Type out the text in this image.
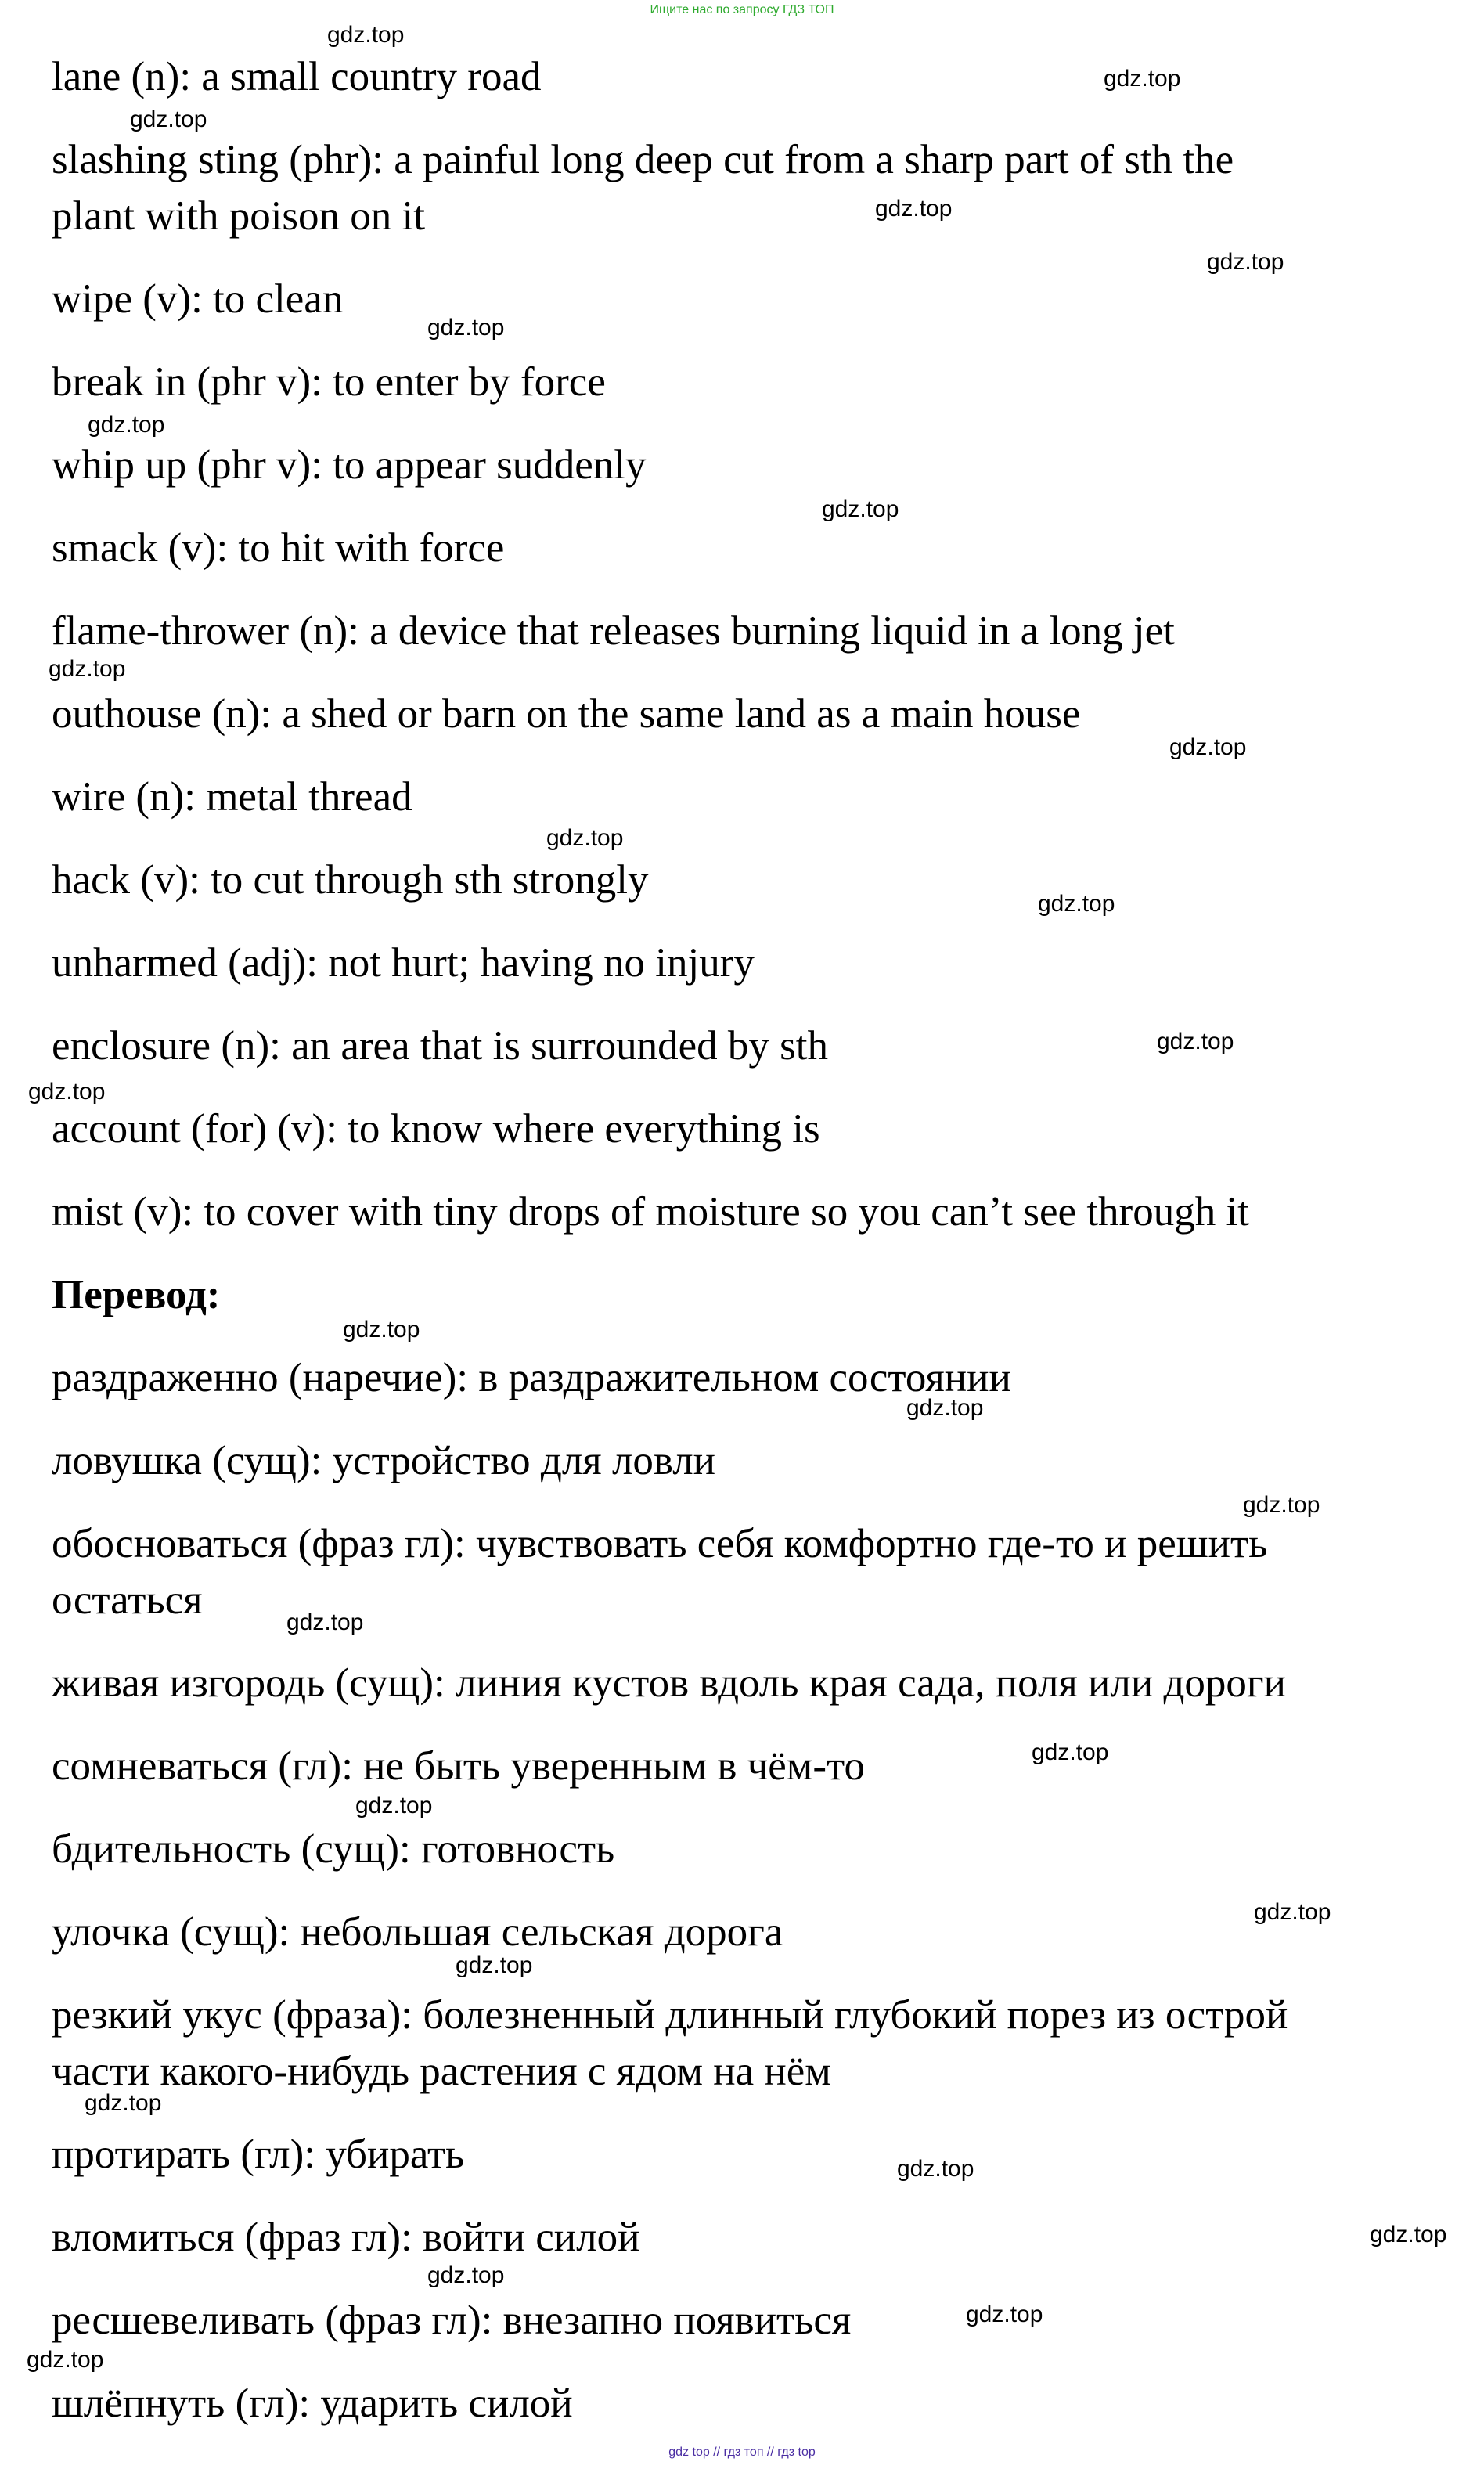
Ищите нас по запросу ГДЗ ТОП
lane (n): a small country road
slashing sting (phr): a painful long deep cut from a sharp part of sth the
plant with poison on it
wipe (v): to clean
break in (phr v): to enter by force
whip up (phr v): to appear suddenly
smack (v): to hit with force
flame-thrower (n): a device that releases burning liquid in a long jet
outhouse (n): a shed or barn on the same land as a main house
wire (n): metal thread
hack (v): to cut through sth strongly
unharmed (adj): not hurt; having no injury
enclosure (n): an area that is surrounded by sth
account (for) (v): to know where everything is
mist (v): to cover with tiny drops of moisture so you can’t see through it
Перевод:
раздраженно (наречие): в раздражительном состоянии
ловушка (сущ): устройство для ловли
обосноваться (фраз гл): чувствовать себя комфортно где-то и решить
остаться
живая изгородь (сущ): линия кустов вдоль края сада, поля или дороги
сомневаться (гл): не быть уверенным в чём-то
бдительность (сущ): готовность
улочка (сущ): небольшая сельская дорога
резкий укус (фраза): болезненный длинный глубокий порез из острой
части какого-нибудь растения с ядом на нём
протирать (гл): убирать
вломиться (фраз гл): войти силой
ресшевеливать (фраз гл): внезапно появиться
шлёпнуть (гл): ударить силой
gdz.top
gdz.top
gdz.top
gdz.top
gdz.top
gdz.top
gdz.top
gdz.top
gdz.top
gdz.top
gdz.top
gdz.top
gdz.top
gdz.top
gdz.top
gdz.top
gdz.top
gdz.top
gdz.top
gdz.top
gdz.top
gdz.top
gdz.top
gdz.top
gdz.top
gdz.top
gdz.top
gdz.top
gdz top // гдз топ // гдз top
